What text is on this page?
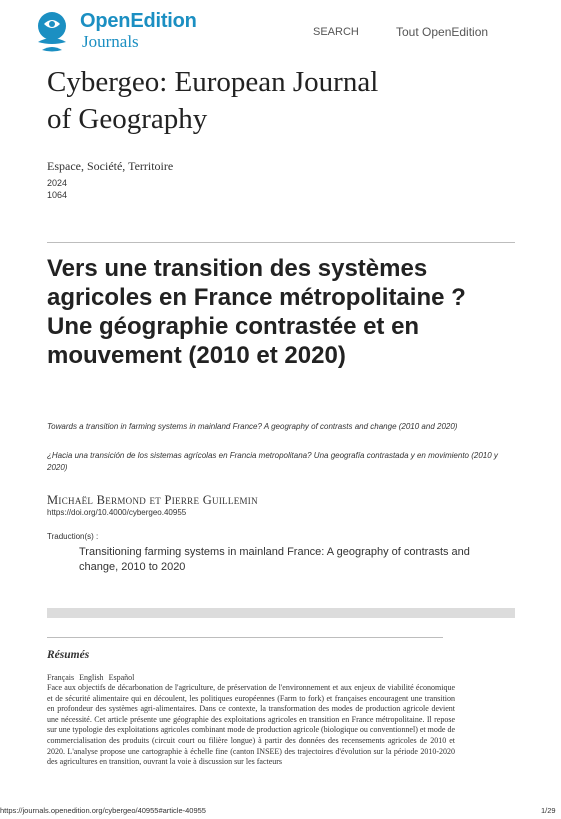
OpenEdition
Journals	SEARCH	Tout OpenEdition
Cybergeo: European Journal of Geography
Espace, Société, Territoire
2024
1064
Vers une transition des systèmes agricoles en France métropolitaine ? Une géographie contrastée et en mouvement (2010 et 2020)
Towards a transition in farming systems in mainland France? A geography of contrasts and change (2010 and 2020)
¿Hacia una transición de los sistemas agrícolas en Francia metropolitana? Una geografía contrastada y en movimiento (2010 y 2020)
Michaël Bermond et Pierre Guillemin
https://doi.org/10.4000/cybergeo.40955
Traduction(s) :
Transitioning farming systems in mainland France: A geography of contrasts and change, 2010 to 2020
Résumés
Français English Español
Face aux objectifs de décarbonation de l'agriculture, de préservation de l'environnement et aux enjeux de viabilité économique et de sécurité alimentaire qui en découlent, les politiques européennes (Farm to fork) et françaises encouragent une transition en profondeur des systèmes agri-alimentaires. Dans ce contexte, la transformation des modes de production agricole devient une nécessité. Cet article présente une géographie des exploitations agricoles en transition en France métropolitaine. Il repose sur une typologie des exploitations agricoles combinant mode de production agricole (biologique ou conventionnel) et mode de commercialisation des produits (circuit court ou filière longue) à partir des données des recensements agricoles de 2010 et 2020. L'analyse propose une cartographie à échelle fine (canton INSEE) des trajectoires d'évolution sur la période 2010-2020 des agricultures en transition, ouvrant la voie à discussion sur les facteurs
https://journals.openedition.org/cybergeo/40955#article-40955	1/29
